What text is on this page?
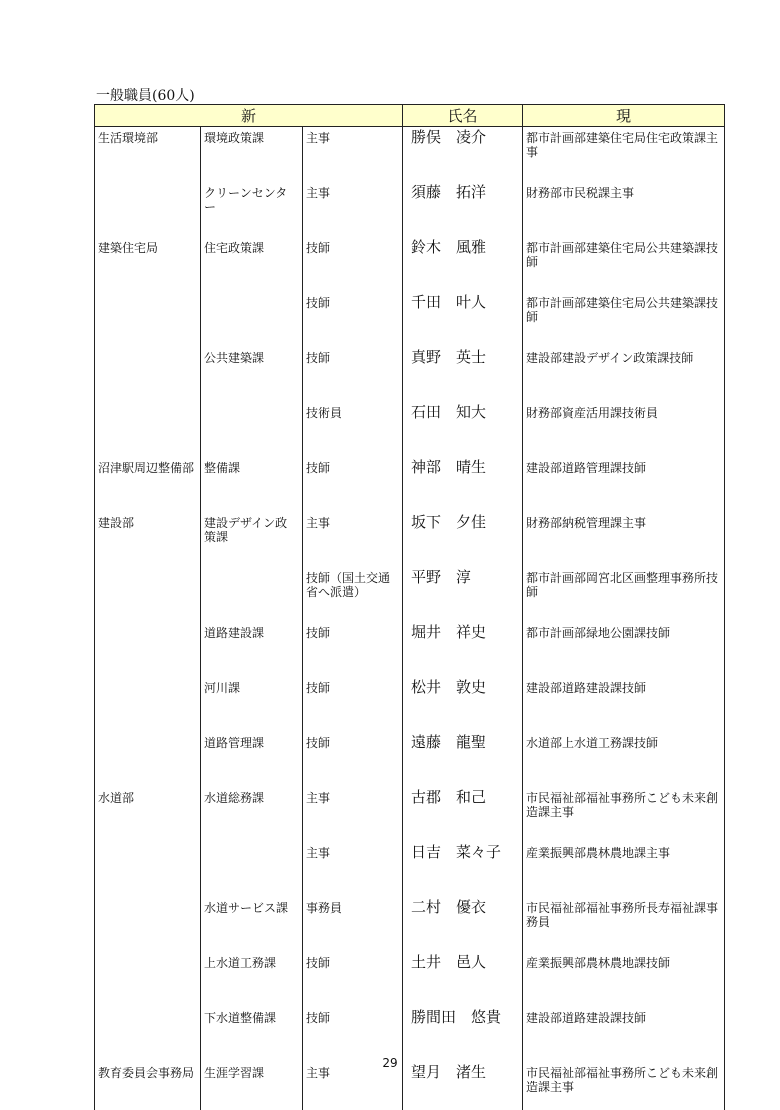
一般職員(60人)
新			氏名	現
生活環境部	環境政策課	主事	勝俣　凌介	都市計画部建築住宅局住宅政策課主事
	クリーンセンター	主事	須藤　拓洋	財務部市民税課主事
建築住宅局	住宅政策課	技師	鈴木　風雅	都市計画部建築住宅局公共建築課技師
		技師	千田　叶人	都市計画部建築住宅局公共建築課技師
	公共建築課	技師	真野　英士	建設部建設デザイン政策課技師
		技術員	石田　知大	財務部資産活用課技術員
沼津駅周辺整備部	整備課	技師	神部　晴生	建設部道路管理課技師
建設部	建設デザイン政策課	主事	坂下　夕佳	財務部納税管理課主事
		技師（国土交通省へ派遣）	平野　淳	都市計画部岡宮北区画整理事務所技師
	道路建設課	技師	堀井　祥史	都市計画部緑地公園課技師
	河川課	技師	松井　敦史	建設部道路建設課技師
	道路管理課	技師	遠藤　龍聖	水道部上水道工務課技師
水道部	水道総務課	主事	古郡　和己	市民福祉部福祉事務所こども未来創造課主事
		主事	日吉　菜々子	産業振興部農林農地課主事
	水道サービス課	事務員	二村　優衣	市民福祉部福祉事務所長寿福祉課事務員
	上水道工務課	技師	土井　邑人	産業振興部農林農地課技師
	下水道整備課	技師	勝間田　悠貴	建設部道路建設課技師
教育委員会事務局	生涯学習課	主事	望月　渚生	市民福祉部福祉事務所こども未来創造課主事
29
